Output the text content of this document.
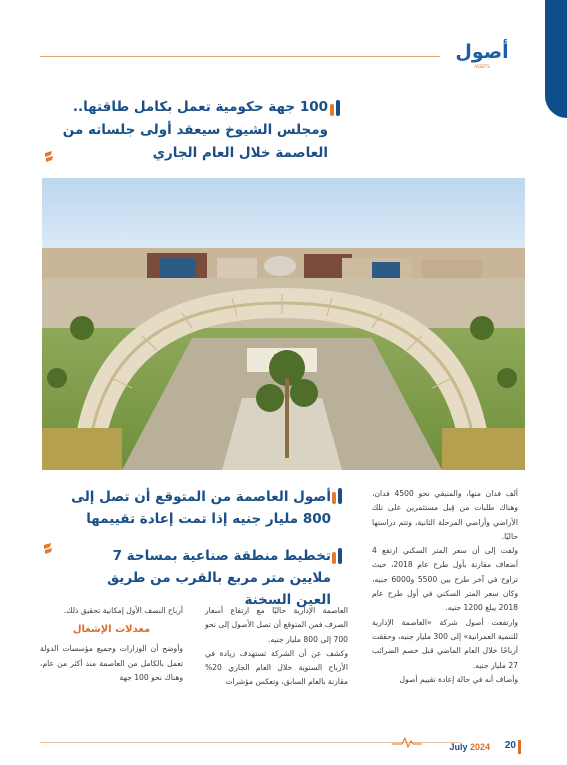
أصول
ASSETS
100 جهة حكومية تعمل بكامل طاقتها.. ومجلس الشيوخ سيعقد أولى جلساته من العاصمة خلال العام الجاري
أصول العاصمة من المتوقع أن تصل إلى 800 مليار جنيه إذا تمت إعادة تقييمها
تخطيط منطقة صناعية بمساحة 7 ملايين متر مربع بالقرب من طريق العين السخنة

ألف فدان منها، والمتبقي نحو 4500 فدان، وهناك طلبات من قِبل مستثمرين على تلك الأراضي وأراضي المرحلة الثانية، وتتم دراستها حاليًا.

ولفت إلى أن سعر المتر السكني ارتفع 4 أضعاف مقارنة بأول طرح عام 2018، حيث تراوح في آخر طرح بين 5500 و6000 جنيه، وكان سعر المتر السكني في أول طرح عام 2018 يبلغ 1200 جنيه.

وارتفعت أصول شركة «العاصمة الإدارية للتنمية العمرانية» إلى 300 مليار جنيه، وحققت أرباحًا خلال العام الماضي قبل خصم الضرائب 27 مليار جنيه.

وأضاف أنه في حالة إعادة تقييم أصول

العاصمة الإدارية حاليًا مع ارتفاع أسعار الصرف فمن المتوقع أن تصل الأصول إلى نحو 700 إلى 800 مليار جنيه.

وكشف عن أن الشركة تستهدف زيادة في الأرباح السنوية خلال العام الجاري 20% مقارنة بالعام السابق، وتعكس مؤشرات

أرباح النصف الأول إمكانية تحقيق ذلك.

معدلات الإشغال

وأوضح أن الوزارات وجميع مؤسسات الدولة تعمل بالكامل من العاصمة منذ أكثر من عام، وهناك نحو 100 جهة

July 2024	20
